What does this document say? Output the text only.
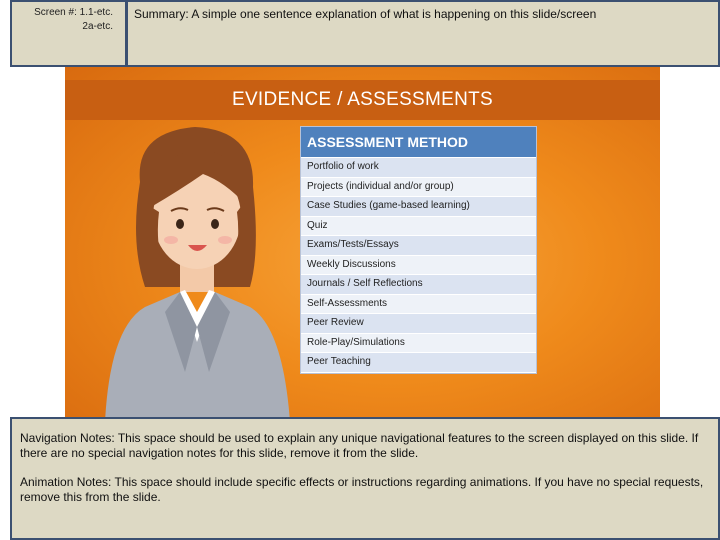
Screen #: 1.1-etc.
2a-etc.
Summary: A simple one sentence explanation of what is happening on this slide/screen
EVIDENCE / ASSESSMENTS
ASSESSMENT METHOD
Portfolio of work
Projects (individual and/or group)
Case Studies (game-based learning)
Quiz
Exams/Tests/Essays
Weekly Discussions
Journals / Self Reflections
Self-Assessments
Peer Review
Role-Play/Simulations
Peer Teaching

Navigation Notes: This space should be used to explain any unique navigational features to the screen displayed on this slide. If there are no special navigation notes for this slide, remove it from the slide.

Animation Notes: This space should include specific effects or instructions regarding animations. If you have no special requests, remove this from the slide.
